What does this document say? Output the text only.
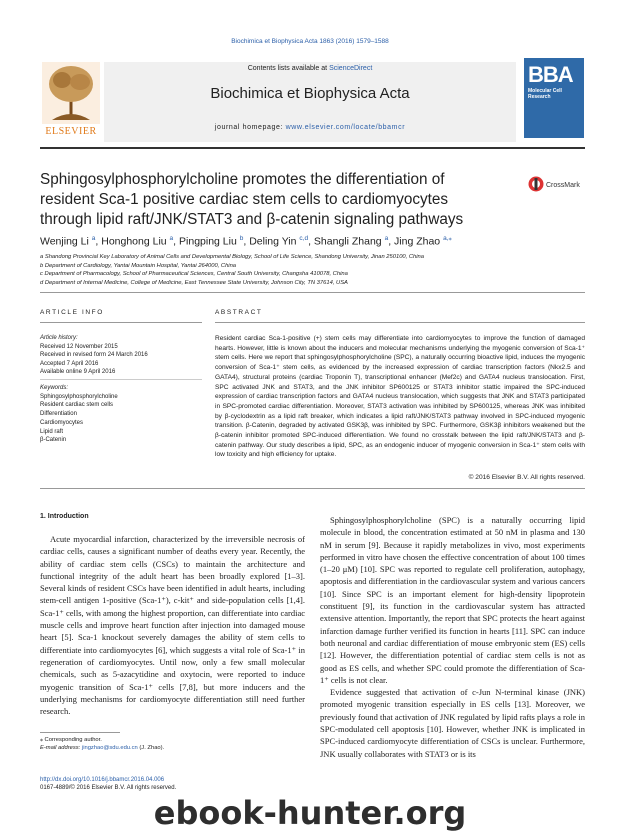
Biochimica et Biophysica Acta 1863 (2016) 1579–1588
Contents lists available at ScienceDirect
Biochimica et Biophysica Acta
journal homepage: www.elsevier.com/locate/bbamcr
ELSEVIER
BBA
Molecular Cell Research
Sphingosylphosphorylcholine promotes the differentiation of resident Sca-1 positive cardiac stem cells to cardiomyocytes through lipid raft/JNK/STAT3 and β-catenin signaling pathways
CrossMark
Wenjing Li $^a$, Honghong Liu $^a$, Pingping Liu $^b$, Deling Yin $^{c,d}$, Shangli Zhang $^a$, Jing Zhao $^{a,⁎}$
a Shandong Provincial Key Laboratory of Animal Cells and Developmental Biology, School of Life Science, Shandong University, Jinan 250100, China
b Department of Cardiology, Yantai Mountain Hospital, Yantai 264000, China
c Department of Pharmacology, School of Pharmaceutical Sciences, Central South University, Changsha 410078, China
d Department of Internal Medicine, College of Medicine, East Tennessee State University, Johnson City, TN 37614, USA
ARTICLE INFO	ABSTRACT
Article history:
Received 12 November 2015
Received in revised form 24 March 2016
Accepted 7 April 2016
Available online 9 April 2016
Keywords:
Sphingosylphosphorylcholine
Resident cardiac stem cells
Differentiation
Cardiomyocytes
Lipid raft
β-Catenin
Resident cardiac Sca-1-positive (+) stem cells may differentiate into cardiomyocytes to improve the function of damaged hearts. However, little is known about the inducers and molecular mechanisms underlying the myogenic conversion of Sca-1⁺ stem cells. Here we report that sphingosylphosphorylcholine (SPC), a naturally occurring bioactive lipid, induces the myogenic conversion of Sca-1⁺ stem cells, as evidenced by the increased expression of cardiac transcription factors (Nkx2.5 and GATA4), structural proteins (cardiac Troponin T), transcriptional enhancer (Mef2c) and GATA4 nucleus translocation. First, SPC activated JNK and STAT3, and the JNK inhibitor SP600125 or STAT3 inhibitor stattic impaired the SPC-induced expression of cardiac transcription factors and GATA4 nucleus translocation, which suggests that JNK and STAT3 participated in SPC-promoted cardiac differentiation. Moreover, STAT3 activation was inhibited by SP600125, whereas JNK was inhibited by β-cyclodextrin as a lipid raft breaker, which indicates a lipid raft/JNK/STAT3 pathway involved in SPC-induced myogenic transition. β-Catenin, degraded by activated GSK3β, was inhibited by SPC. Furthermore, GSK3β inhibitors weakened but the β-catenin inhibitor promoted SPC-induced differentiation. We found no crosstalk between the lipid raft/JNK/STAT3 and β-catenin pathway. Our study describes a lipid, SPC, as an endogenic inducer of myogenic conversion in Sca-1⁺ stem cells with low toxicity and high efficiency for uptake.
© 2016 Elsevier B.V. All rights reserved.
1. Introduction

Acute myocardial infarction, characterized by the irreversible necrosis of cardiac cells, causes a significant number of deaths every year. Recently, the ability of cardiac stem cells (CSCs) to maintain the architecture and functional integrity of the adult heart has been broadly explored [1–3]. Several kinds of resident CSCs have been identified in adult hearts, including stem-cell antigen 1-positive (Sca-1⁺), c-kit⁺ and side-population cells [1,4]. Sca-1⁺ cells, with among the highest proportion, can differentiate into cardiac muscle cells and improve heart function after injection into damaged mouse heart [5]. Sca-1 knockout severely damages the ability of stem cells to differentiate into cardiomyocytes [6], which suggests a vital role of Sca-1⁺ in regeneration of cardiomyocytes. Until now, only a few small molecular chemicals, such as 5-azacytidine and oxytocin, were reported to induce myogenic transition of Sca-1⁺ cells [7,8], but more inducers and the underlying mechanisms for cardiomyocyte differentiation still need further research.

Sphingosylphosphorylcholine (SPC) is a naturally occurring lipid molecule in blood, the concentration estimated at 50 nM in plasma and 130 nM in serum [9]. Because it rapidly metabolizes in vivo, most experiments performed in vitro have chosen the effective concentration of about 100 times (1–20 μM) [10]. SPC was reported to regulate cell proliferation, autophagy, apoptosis and differentiation in the cardiovascular system and various cancers [10]. Since SPC is an important element for high-density lipoprotein constituent [9], its function in the cardiovascular system has attracted extensive attention. Importantly, the report that SPC protects the heart against infarction damage further verified its function in hearts [11]. SPC can induce both neuronal and cardiac differentiation of mouse embryonic stem (ES) cells [12]. However, the differentiation potential of cardiac stem cells is not as good as ES cells, and whether SPC could promote the differentiation of Sca-1⁺ cells is not clear.

Evidence suggested that activation of c-Jun N-terminal kinase (JNK) promoted myogenic transition especially in ES cells [13]. Moreover, we previously found that activation of JNK regulated by lipid rafts plays a role in SPC-modulated cell apoptosis [10]. However, whether JNK is implicated in SPC-induced cardiomyocyte differentiation of CSCs is unclear. Furthermore, JNK usually collaborates with STAT3 or is its

⁎ Corresponding author.
E-mail address: jingzhao@sdu.edu.cn (J. Zhao).
http://dx.doi.org/10.1016/j.bbamcr.2016.04.006
0167-4889/© 2016 Elsevier B.V. All rights reserved.
ebook-hunter.org
